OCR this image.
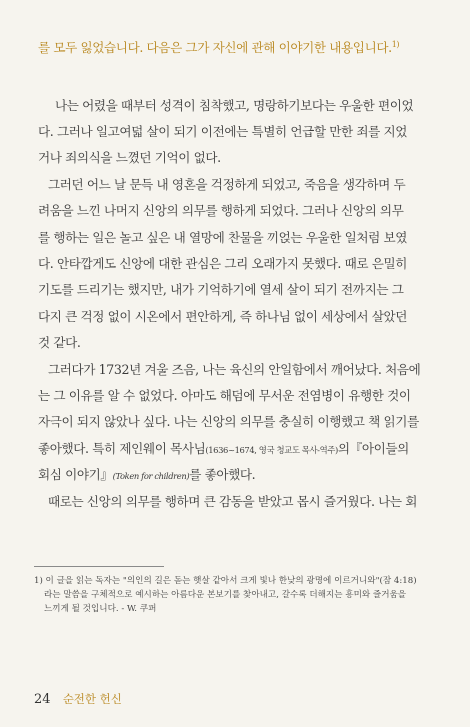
를 모두 잃었습니다. 다음은 그가 자신에 관해 이야기한 내용입니다.$^{1)}$
나는 어렸을 때부터 성격이 침착했고, 명랑하기보다는 우울한 편이었
다. 그러나 일고여덟 살이 되기 이전에는 특별히 언급할 만한 죄를 지었
거나 죄의식을 느꼈던 기억이 없다.
그러던 어느 날 문득 내 영혼을 걱정하게 되었고, 죽음을 생각하며 두
려움을 느낀 나머지 신앙의 의무를 행하게 되었다. 그러나 신앙의 의무
를 행하는 일은 놀고 싶은 내 열망에 찬물을 끼얹는 우울한 일처럼 보였
다. 안타깝게도 신앙에 대한 관심은 그리 오래가지 못했다. 때로 은밀히
기도를 드리기는 했지만, 내가 기억하기에 열세 살이 되기 전까지는 그
다지 큰 걱정 없이 시온에서 편안하게, 즉 하나님 없이 세상에서 살았던
것 같다.
그러다가 1732년 겨울 즈음, 나는 육신의 안일함에서 깨어났다. 처음에
는 그 이유를 알 수 없었다. 아마도 해덤에 무서운 전염병이 유행한 것이
자극이 되지 않았나 싶다. 나는 신앙의 의무를 충실히 이행했고 책 읽기를
좋아했다. 특히 제인웨이 목사님(1636~1674, 영국 청교도 목사-역주)의『아이들의
회심 이야기』(Token for children)를 좋아했다.
때로는 신앙의 의무를 행하며 큰 감동을 받았고 몹시 즐거웠다. 나는 회
1) 이 글을 읽는 독자는 "의인의 길은 돋는 햇살 같아서 크게 빛나 한낮의 광명에 이르거니와"(잠 4:18)
라는 말씀을 구체적으로 예시하는 아름다운 본보기를 찾아내고, 갈수록 더해지는 흥미와 즐거움을
느끼게 될 것입니다. - W. 쿠퍼
24 순전한 헌신
